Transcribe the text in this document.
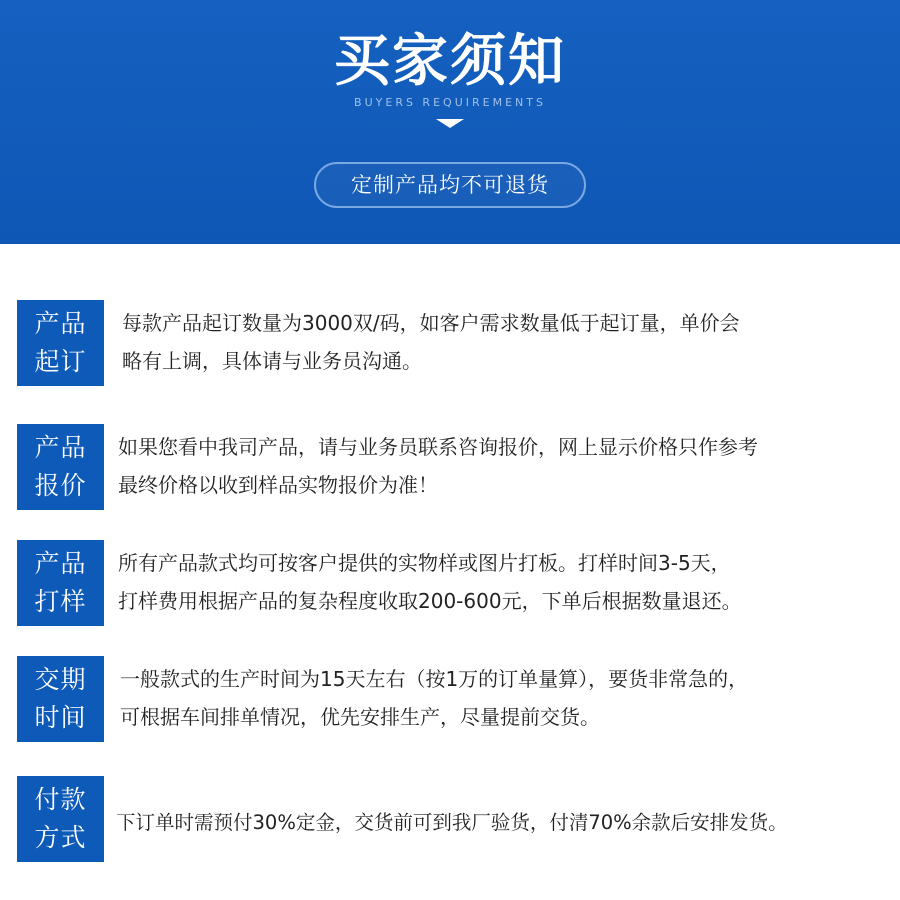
买家须知
BUYERS REQUIREMENTS
定制产品均不可退货
产品
起订
每款产品起订数量为3000双/码，如客户需求数量低于起订量，单价会
略有上调，具体请与业务员沟通。
产品
报价
如果您看中我司产品，请与业务员联系咨询报价，网上显示价格只作参考
最终价格以收到样品实物报价为准！
产品
打样
所有产品款式均可按客户提供的实物样或图片打板。打样时间3-5天，
打样费用根据产品的复杂程度收取200-600元，下单后根据数量退还。
交期
时间
一般款式的生产时间为15天左右（按1万的订单量算），要货非常急的，
可根据车间排单情况，优先安排生产，尽量提前交货。
付款
方式
下订单时需预付30%定金，交货前可到我厂验货，付清70%余款后安排发货。
